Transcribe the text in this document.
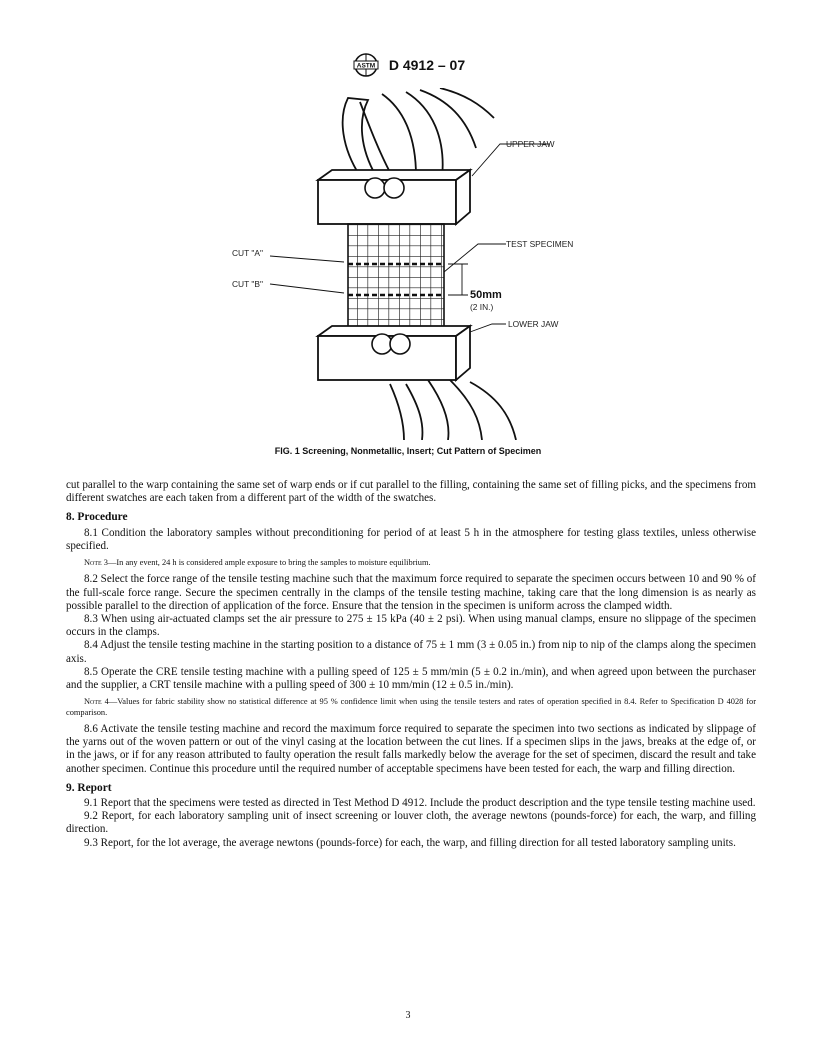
ASTM D 4912 – 07
UPPER JAW
TEST SPECIMEN
CUT "A"
CUT "B"
50mm
(2 IN.)
LOWER JAW
FIG. 1 Screening, Nonmetallic, Insert; Cut Pattern of Specimen

cut parallel to the warp containing the same set of warp ends or if cut parallel to the filling, containing the same set of filling picks, and the specimens from different swatches are each taken from a different part of the width of the swatches.

8. Procedure

8.1 Condition the laboratory samples without preconditioning for period of at least 5 h in the atmosphere for testing glass textiles, unless otherwise specified.

Note 3—In any event, 24 h is considered ample exposure to bring the samples to moisture equilibrium.

8.2 Select the force range of the tensile testing machine such that the maximum force required to separate the specimen occurs between 10 and 90 % of the full-scale force range. Secure the specimen centrally in the clamps of the tensile testing machine, taking care that the long dimension is as nearly as possible parallel to the direction of application of the force. Ensure that the tension in the specimen is uniform across the clamped width.

8.3 When using air-actuated clamps set the air pressure to 275 ± 15 kPa (40 ± 2 psi). When using manual clamps, ensure no slippage of the specimen occurs in the clamps.

8.4 Adjust the tensile testing machine in the starting position to a distance of 75 ± 1 mm (3 ± 0.05 in.) from nip to nip of the clamps along the specimen axis.

8.5 Operate the CRE tensile testing machine with a pulling speed of 125 ± 5 mm/min (5 ± 0.2 in./min), and when agreed upon between the purchaser and the supplier, a CRT tensile machine with a pulling speed of 300 ± 10 mm/min (12 ± 0.5 in./min).

Note 4—Values for fabric stability show no statistical difference at 95 % confidence limit when using the tensile testers and rates of operation specified in 8.4. Refer to Specification D 4028 for comparison.

8.6 Activate the tensile testing machine and record the maximum force required to separate the specimen into two sections as indicated by slippage of the yarns out of the woven pattern or out of the vinyl casing at the location between the cut lines. If a specimen slips in the jaws, breaks at the edge of, or in the jaws, or if for any reason attributed to faulty operation the result falls markedly below the average for the set of specimen, discard the result and take another specimen. Continue this procedure until the required number of acceptable specimens have been tested for each, the warp and filling direction.

9. Report

9.1 Report that the specimens were tested as directed in Test Method D 4912. Include the product description and the type tensile testing machine used.

9.2 Report, for each laboratory sampling unit of insect screening or louver cloth, the average newtons (pounds-force) for each, the warp, and filling direction.

9.3 Report, for the lot average, the average newtons (pounds-force) for each, the warp, and filling direction for all tested laboratory sampling units.

3
